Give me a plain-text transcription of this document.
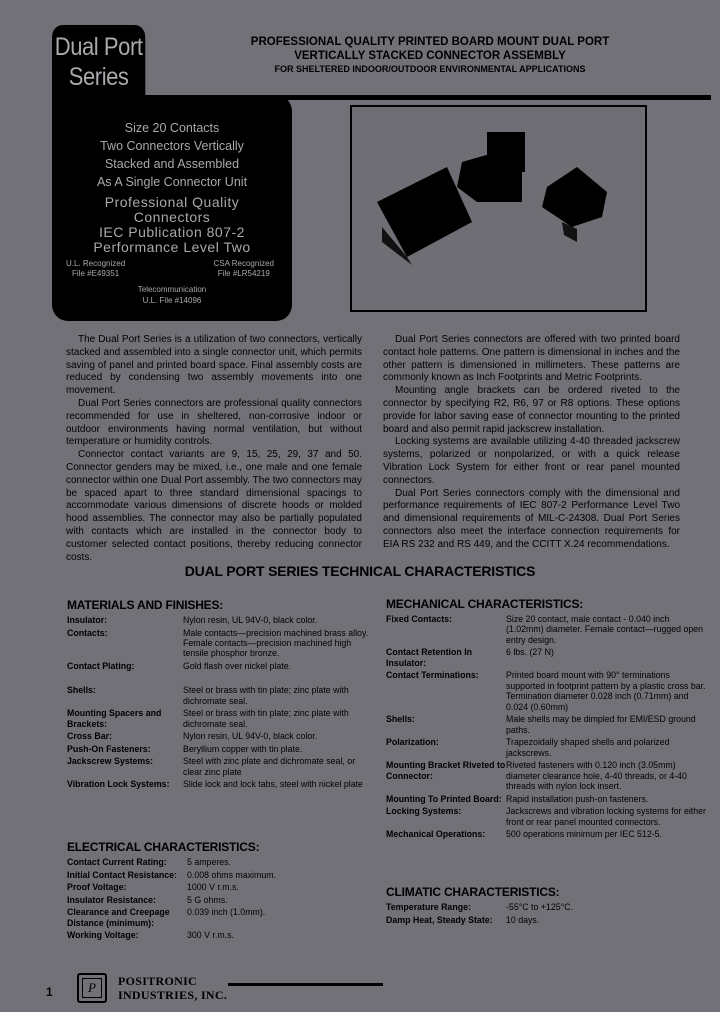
Dual Port
Series
PROFESSIONAL QUALITY PRINTED BOARD MOUNT DUAL PORT
VERTICALLY STACKED CONNECTOR ASSEMBLY
FOR SHELTERED INDOOR/OUTDOOR ENVIRONMENTAL APPLICATIONS
Size 20 Contacts
Two Connectors Vertically
Stacked and Assembled
As A Single Connector Unit
Professional Quality
Connectors
IEC Publication 807-2
Performance Level Two
U.L. Recognized
File #E49351
CSA Recognized
File #LR54219
Telecommunication
U.L. File #14096

The Dual Port Series is a utilization of two connectors, vertically stacked and assembled into a single connector unit, which permits saving of panel and printed board space. Final assembly costs are reduced by condensing two assembly movements into one movement.

Dual Port Series connectors are professional quality connectors recommended for use in sheltered, non-corrosive indoor or outdoor environments having normal ventilation, but without temperature or humidity controls.

Connector contact variants are 9, 15, 25, 29, 37 and 50. Connector genders may be mixed, i.e., one male and one female connector within one Dual Port assembly. The two connectors may be spaced apart to three standard dimensional spacings to accommodate various dimensions of discrete hoods or molded hood assemblies. The connector may also be partially populated with contacts which are installed in the connector body to customer selected contact positions, thereby reducing connector costs.

Dual Port Series connectors are offered with two printed board contact hole patterns. One pattern is dimensional in inches and the other pattern is dimensioned in millimeters. These patterns are commonly known as Inch Footprints and Metric Footprints.

Mounting angle brackets can be ordered riveted to the connector by specifying R2, R6, 97 or R8 options. These options provide for labor saving ease of connector mounting to the printed board and also permit rapid jackscrew installation.

Locking systems are available utilizing 4-40 threaded jackscrew systems, polarized or nonpolarized, or with a quick release Vibration Lock System for either front or rear panel mounted connectors.

Dual Port Series connectors comply with the dimensional and performance requirements of IEC 807-2 Performance Level Two and dimensional requirements of MIL-C-24308. Dual Port Series connectors also meet the interface connection requirements for EIA RS 232 and RS 449, and the CCITT X.24 recommendations.

DUAL PORT SERIES TECHNICAL CHARACTERISTICS
MATERIALS AND FINISHES:
Insulator:	Nylon resin, UL 94V-0, black color.
Contacts:	Male contacts—precision machined brass alloy. Female contacts—precision machined high tensile phosphor bronze.
Contact Plating:	Gold flash over nickel plate.
Shells:	Steel or brass with tin plate; zinc plate with dichromate seal.
Mounting Spacers and Brackets:
Steel or brass with tin plate; zinc plate with dichromate seal.
Cross Bar:	Nylon resin, UL 94V-0, black color.
Push-On Fasteners:	Beryllium copper with tin plate.
Jackscrew Systems:	Steel with zinc plate and dichromate seal, or clear zinc plate
Vibration Lock Systems:	Slide lock and lock tabs, steel with nickel plate
ELECTRICAL CHARACTERISTICS:
Contact Current Rating:	5 amperes.
Initial Contact Resistance:	0.008 ohms maximum.
Proof Voltage:	1000 V r.m.s.
Insulator Resistance:	5 G ohms.
Clearance and Creepage Distance (minimum):
0.039 inch (1.0mm).
Working Voltage:	300 V r.m.s.
MECHANICAL CHARACTERISTICS:
Fixed Contacts:	Size 20 contact, male contact - 0.040 inch (1.02mm) diameter. Female contact—rugged open entry design.
Contact Retention In Insulator:
6 lbs. (27 N)
Contact Terminations:	Printed board mount with 90° terminations supported in footprint pattern by a plastic cross bar. Termination diameter 0.028 inch (0.71mm) and 0.024 (0.60mm)
Shells:	Male shells may be dimpled for EMI/ESD ground paths.
Polarization:	Trapezoidally shaped shells and polarized jackscrews.
Mounting Bracket Riveted to Connector:
Riveted fasteners with 0.120 inch (3.05mm) diameter clearance hole, 4-40 threads, or 4-40 threads with nylon lock insert.
Mounting To Printed Board: Rapid installation push-on fasteners.
Locking Systems:	Jackscrews and vibration locking systems for either front or rear panel mounted connectors.
Mechanical Operations:	500 operations minimum per IEC 512-5.
CLIMATIC CHARACTERISTICS:
Temperature Range:	-55°C to +125°C.
Damp Heat, Steady State:	10 days.
1	P	POSITRONIC
INDUSTRIES, INC.
